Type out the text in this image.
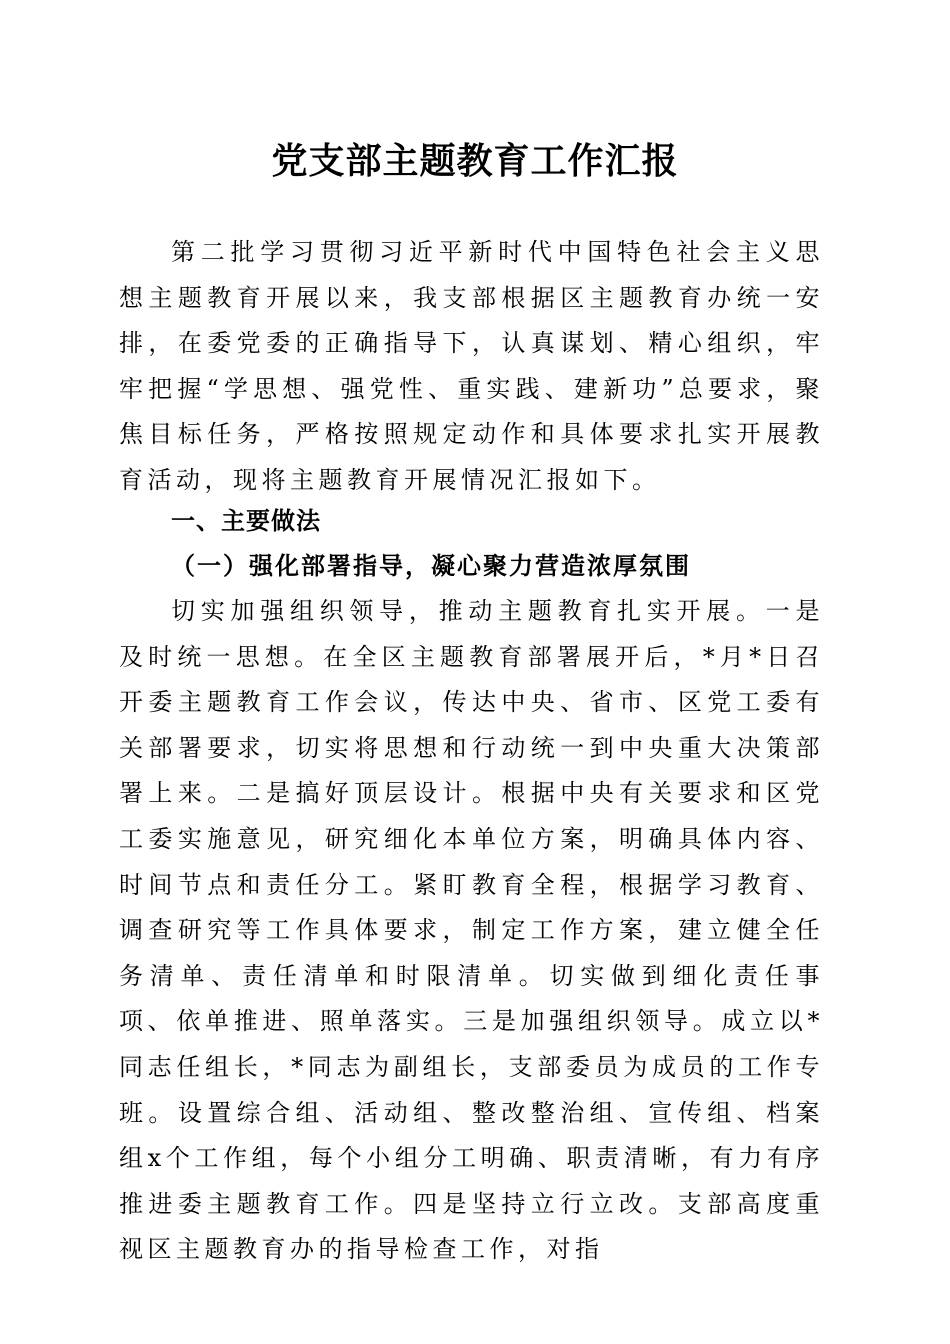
党支部主题教育工作汇报

第二批学习贯彻习近平新时代中国特色社会主义思想主题教育开展以来，我支部根据区主题教育办统一安排，在委党委的正确指导下，认真谋划、精心组织，牢牢把握“学思想、强党性、重实践、建新功”总要求，聚焦目标任务，严格按照规定动作和具体要求扎实开展教育活动，现将主题教育开展情况汇报如下。

一、主要做法
（一）强化部署指导，凝心聚力营造浓厚氛围

切实加强组织领导，推动主题教育扎实开展。一是及时统一思想。在全区主题教育部署展开后，*月*日召开委主题教育工作会议，传达中央、省市、区党工委有关部署要求，切实将思想和行动统一到中央重大决策部署上来。二是搞好顶层设计。根据中央有关要求和区党工委实施意见，研究细化本单位方案，明确具体内容、时间节点和责任分工。紧盯教育全程，根据学习教育、调查研究等工作具体要求，制定工作方案，建立健全任务清单、责任清单和时限清单。切实做到细化责任事项、依单推进、照单落实。三是加强组织领导。成立以*同志任组长，*同志为副组长，支部委员为成员的工作专班。设置综合组、活动组、整改整治组、宣传组、档案组x个工作组，每个小组分工明确、职责清晰，有力有序推进委主题教育工作。四是坚持立行立改。支部高度重视区主题教育办的指导检查工作，对指
